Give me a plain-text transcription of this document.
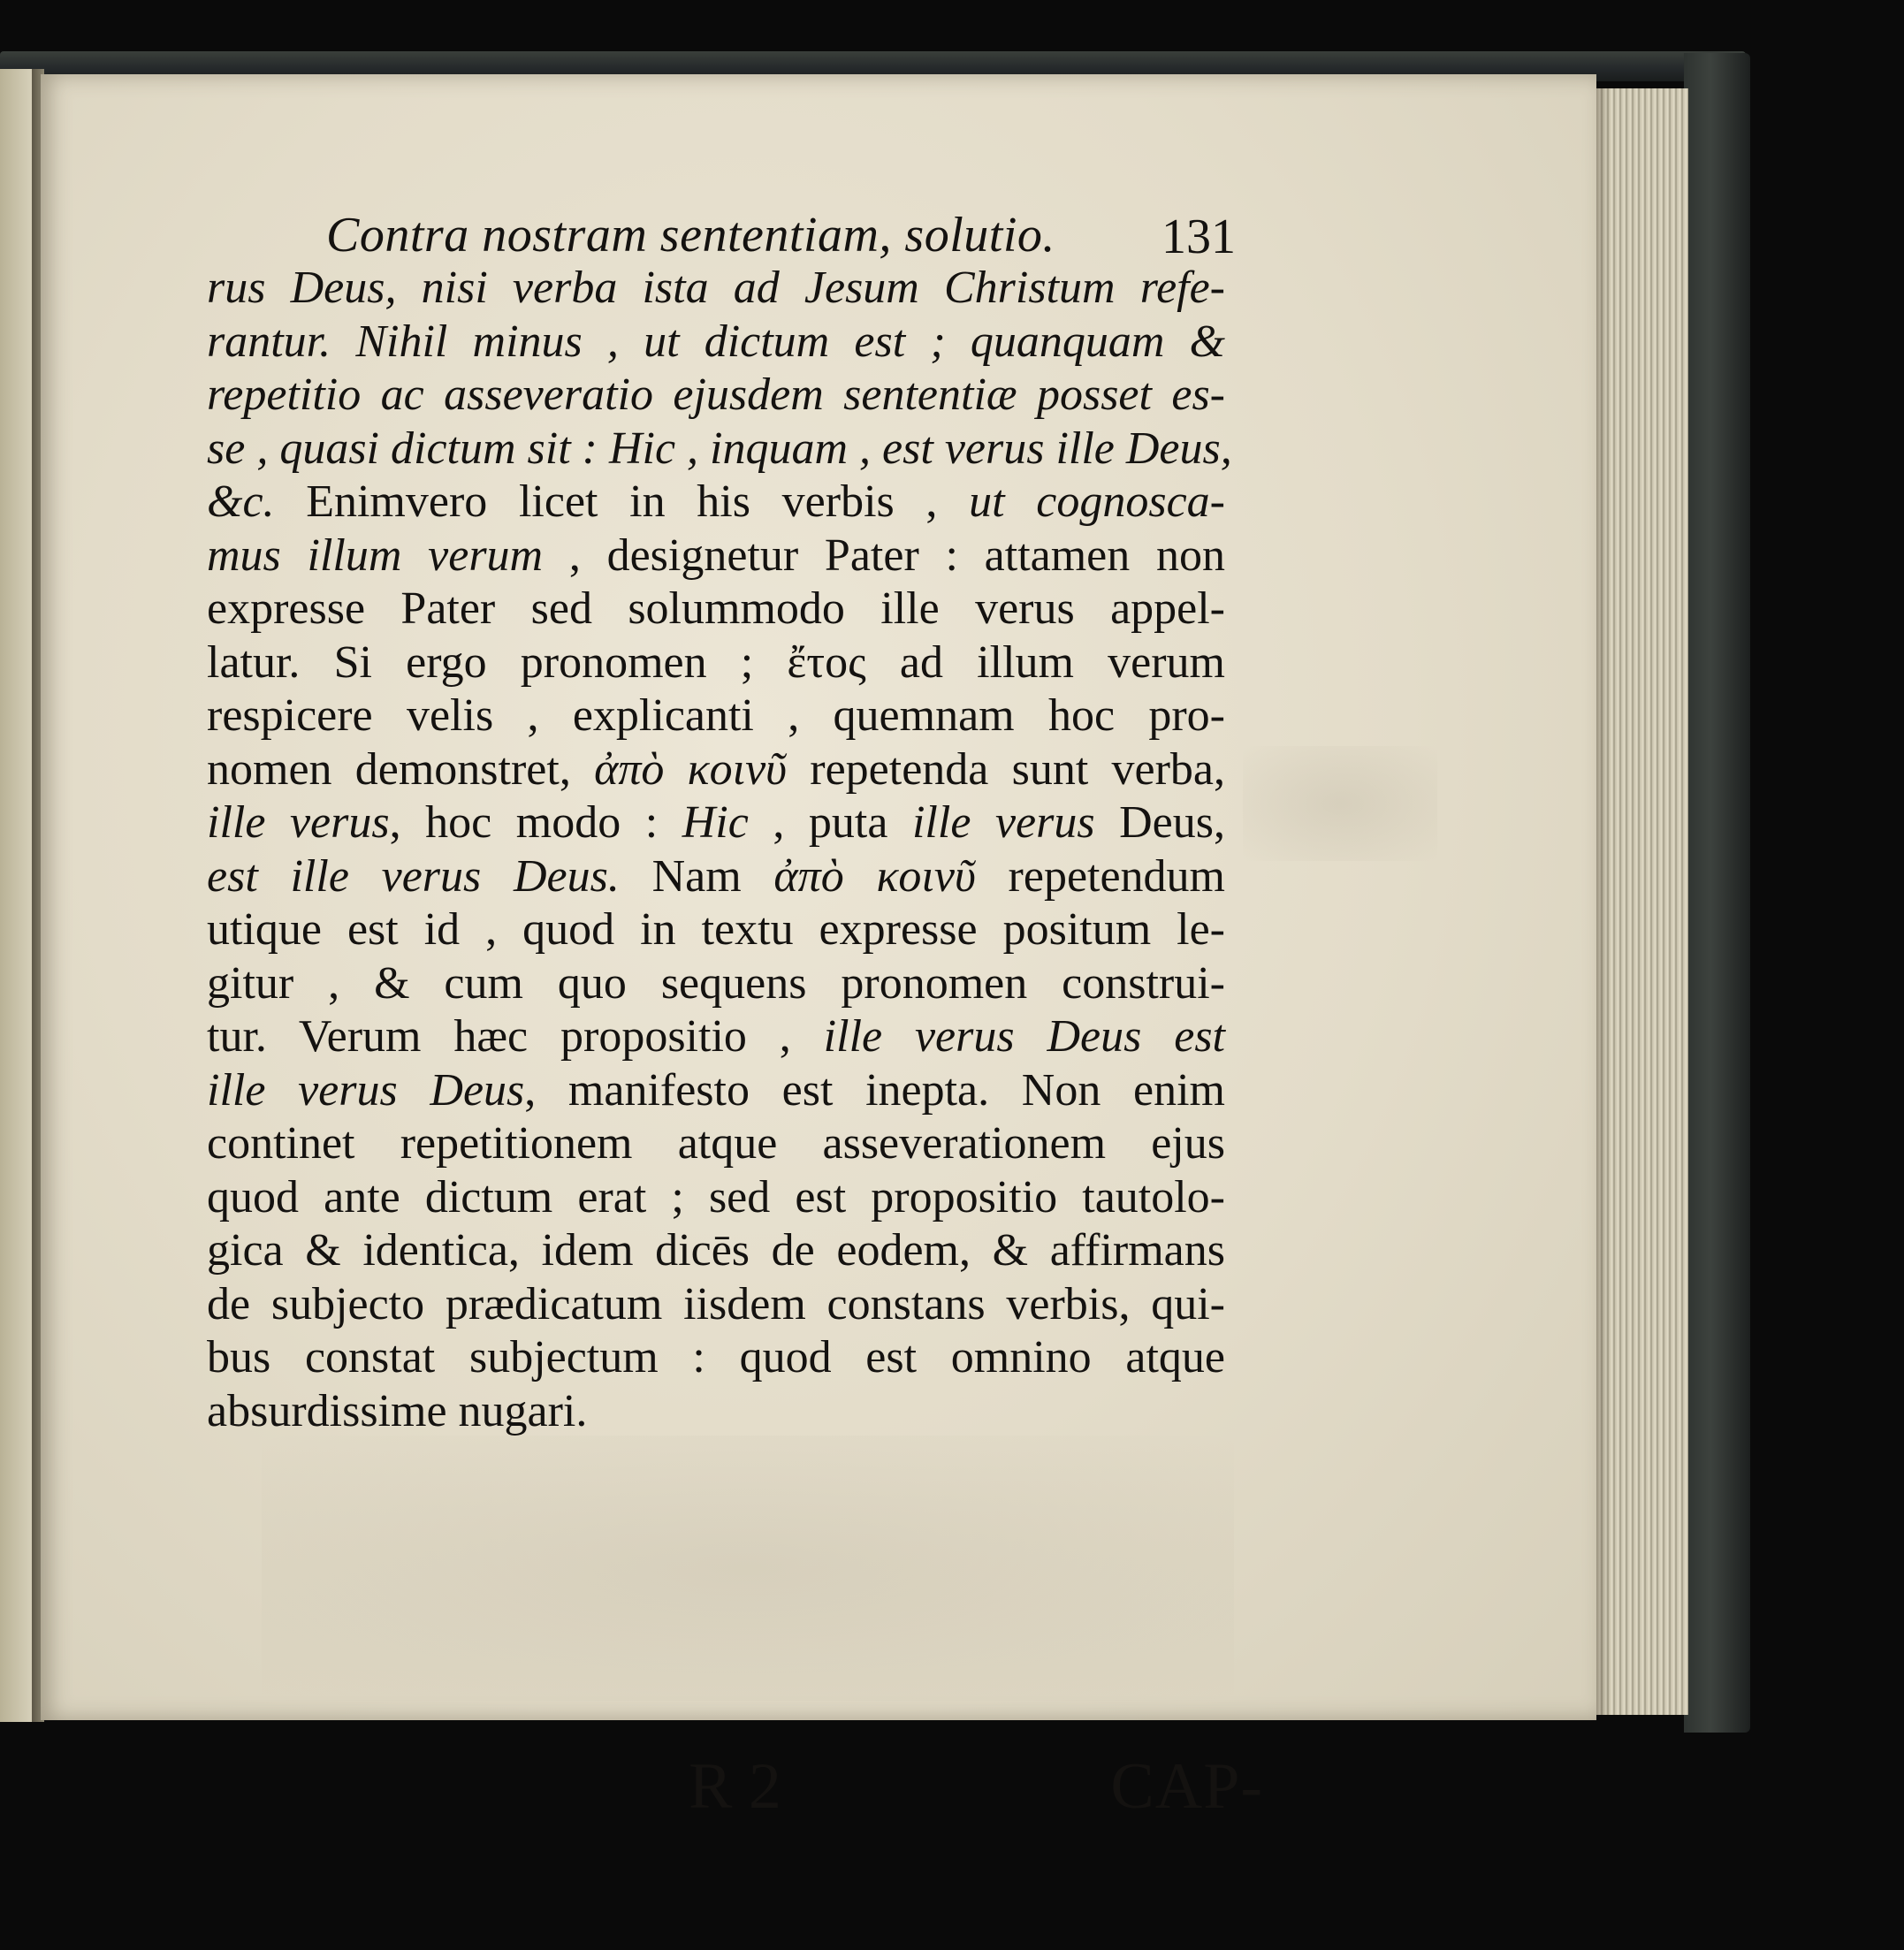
Contra nostram sententiam, solutio. 131
rus Deus, nisi verba ista ad Jesum Christum refe-
rantur. Nihil minus , ut dictum est ; quanquam &
repetitio ac asseveratio ejusdem sententiæ posset es-
se , quasi dictum sit : Hic , inquam , est verus ille Deus,
&c. Enimvero licet in his verbis , ut cognosca-
mus illum verum , designetur Pater : attamen non
expresse Pater sed solummodo ille verus appel-
latur. Si ergo pronomen ; ἔτος ad illum verum
respicere velis , explicanti , quemnam hoc pro-
nomen demonstret, ἀπὸ κοινῦ repetenda sunt verba,
ille verus, hoc modo : Hic , puta ille verus Deus,
est ille verus Deus. Nam ἀπὸ κοινῦ repetendum
utique est id , quod in textu expresse positum le-
gitur , & cum quo sequens pronomen construi-
tur. Verum hæc propositio , ille verus Deus est
ille verus Deus, manifesto est inepta. Non enim
continet repetitionem atque asseverationem ejus
quod ante dictum erat ; sed est propositio tautolo-
gica & identica, idem dicēs de eodem, & affirmans
de subjecto prædicatum iisdem constans verbis, qui-
bus constat subjectum : quod est omnino atque
absurdissime nugari.
R 2	CAP-
